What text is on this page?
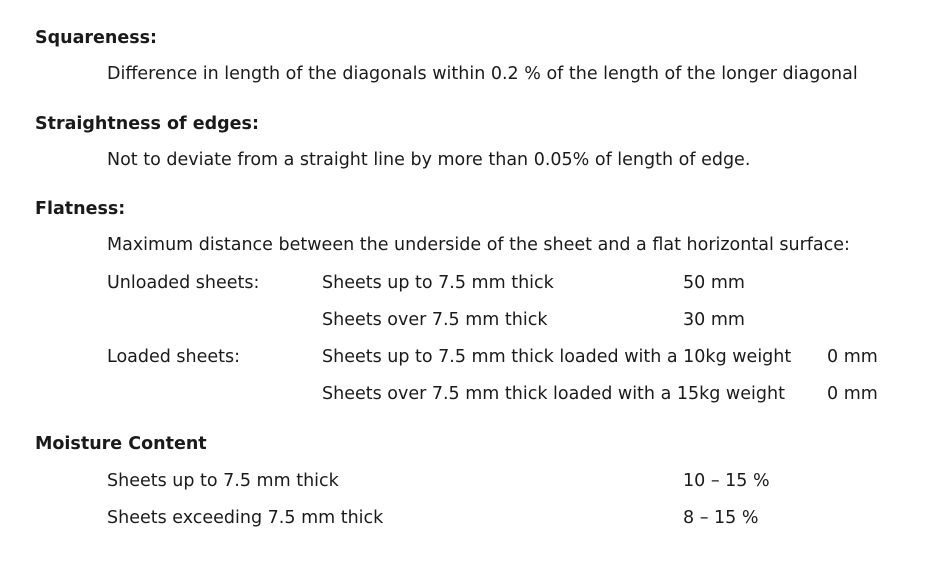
Squareness:
Difference in length of the diagonals within 0.2 % of the length of the longer diagonal
Straightness of edges:
Not to deviate from a straight line by more than 0.05% of length of edge.
Flatness:
Maximum distance between the underside of the sheet and a flat horizontal surface:
Unloaded sheets:	Sheets up to 7.5 mm thick	50 mm
Sheets over 7.5 mm thick	30 mm
Loaded sheets:	Sheets up to 7.5 mm thick loaded with a 10kg weight 0 mm
Sheets over 7.5 mm thick loaded with a 15kg weight 0 mm
Moisture Content
Sheets up to 7.5 mm thick	10 – 15 %
Sheets exceeding 7.5 mm thick	8 – 15 %
